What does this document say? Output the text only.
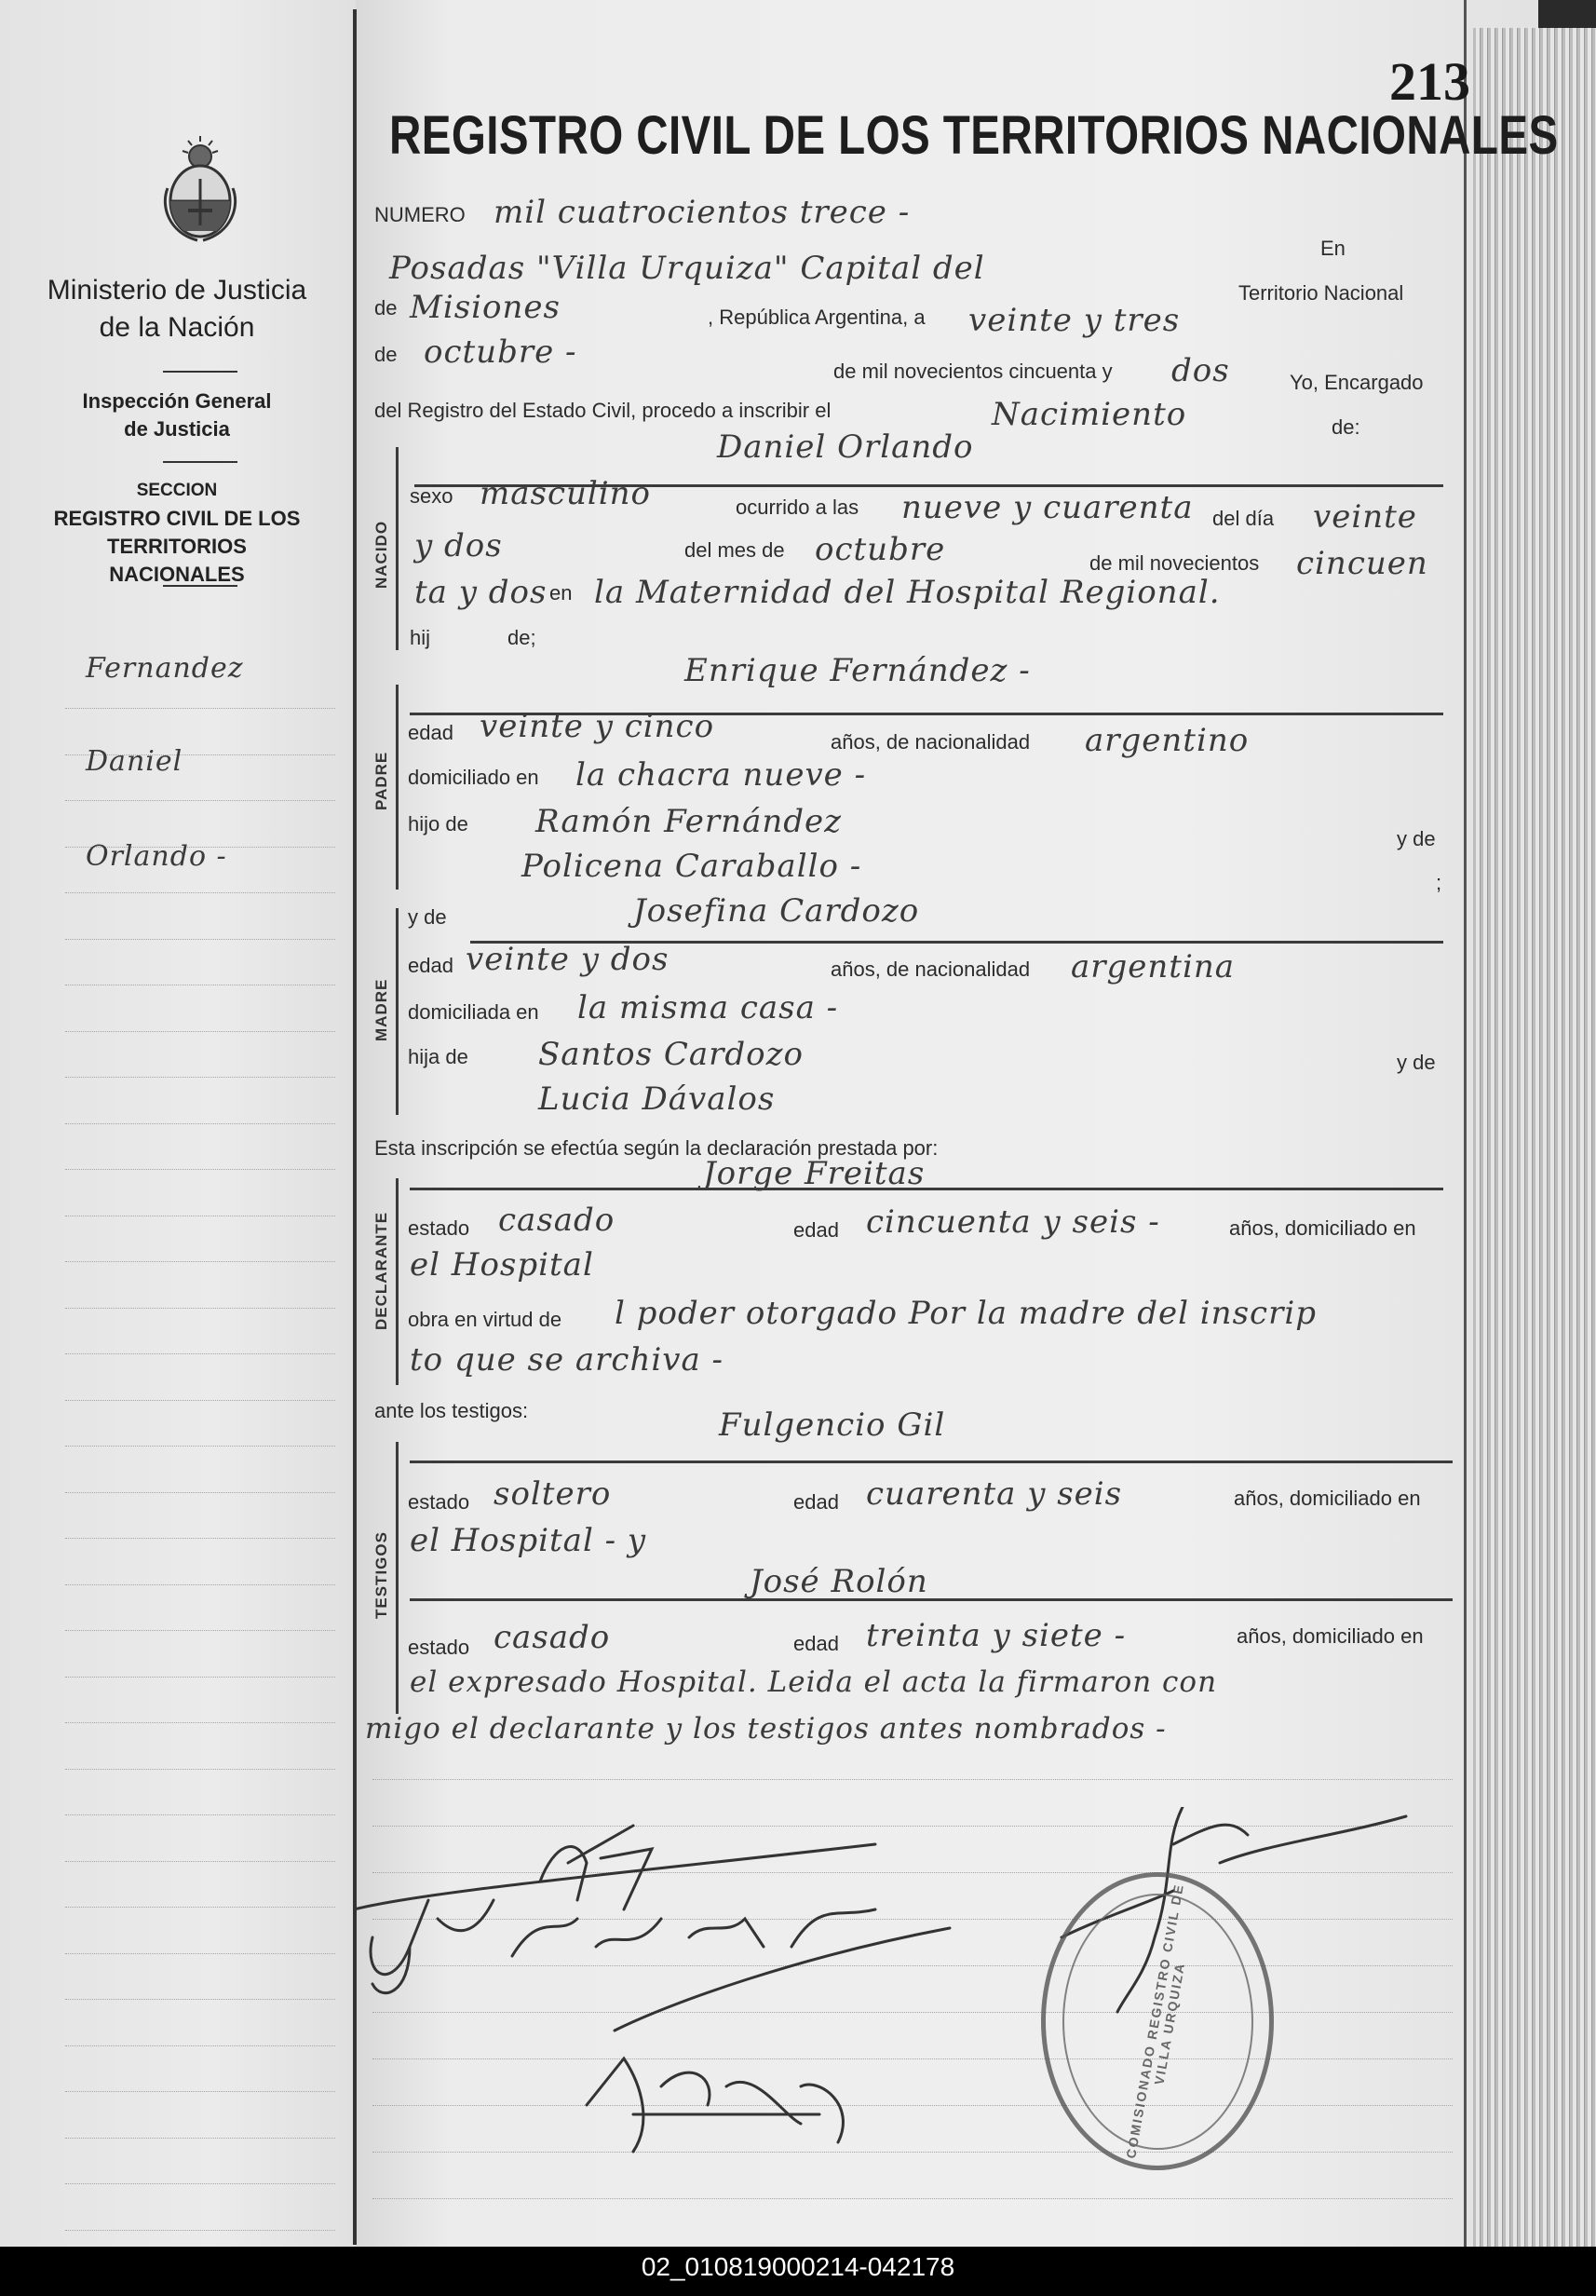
Ministerio de Justicia
de la Nación
Inspección General
de Justicia
SECCION
REGISTRO CIVIL DE LOS
TERRITORIOS NACIONALES
Fernandez
Daniel
Orlando -
213
REGISTRO CIVIL DE LOS TERRITORIOS NACIONALES
NUMERO mil cuatrocientos trece -
En
Posadas "Villa Urquiza" Capital del
Territorio Nacional
de Misiones	, República Argentina, a veinte y tres
de octubre -
de mil novecientos cincuenta y dos	Yo, Encargado
del Registro del Estado Civil, procedo a inscribir el	Nacimiento	de:
Daniel Orlando
NACIDO
sexo masculino	ocurrido a las nueve y cuarenta del día veinte
y dos	del mes de octubre	de mil novecientos cincuen
ta y dos en la Maternidad del Hospital Regional.
hij	de;
Enrique Fernández -
PADRE
edad veinte y cinco	años, de nacionalidad argentino
domiciliado en la chacra nueve -
hijo de Ramón Fernández	y de
Policena Caraballo -	;
y de	Josefina Cardozo
MADRE
edad veinte y dos	años, de nacionalidad argentina
domiciliada en la misma casa -
hija de Santos Cardozo	y de
Lucia Dávalos
Esta inscripción se efectúa según la declaración prestada por:
Jorge Freitas
DECLARANTE estado casado	edad cincuenta y seis -	años, domiciliado en
el Hospital
obra en virtud de l poder otorgado Por la madre del inscrip
to que se archiva -
ante los testigos:	Fulgencio Gil
TESTIGOS
estado soltero	edad cuarenta y seis	años, domiciliado en
el Hospital - y
José Rolón
estado casado	edad treinta y siete -	años, domiciliado en
el expresado Hospital. Leida el acta la firmaron con
migo el declarante y los testigos antes nombrados -
COMISIONADO REGISTRO CIVIL DE VILLA URQUIZA
02_010819000214-042178
